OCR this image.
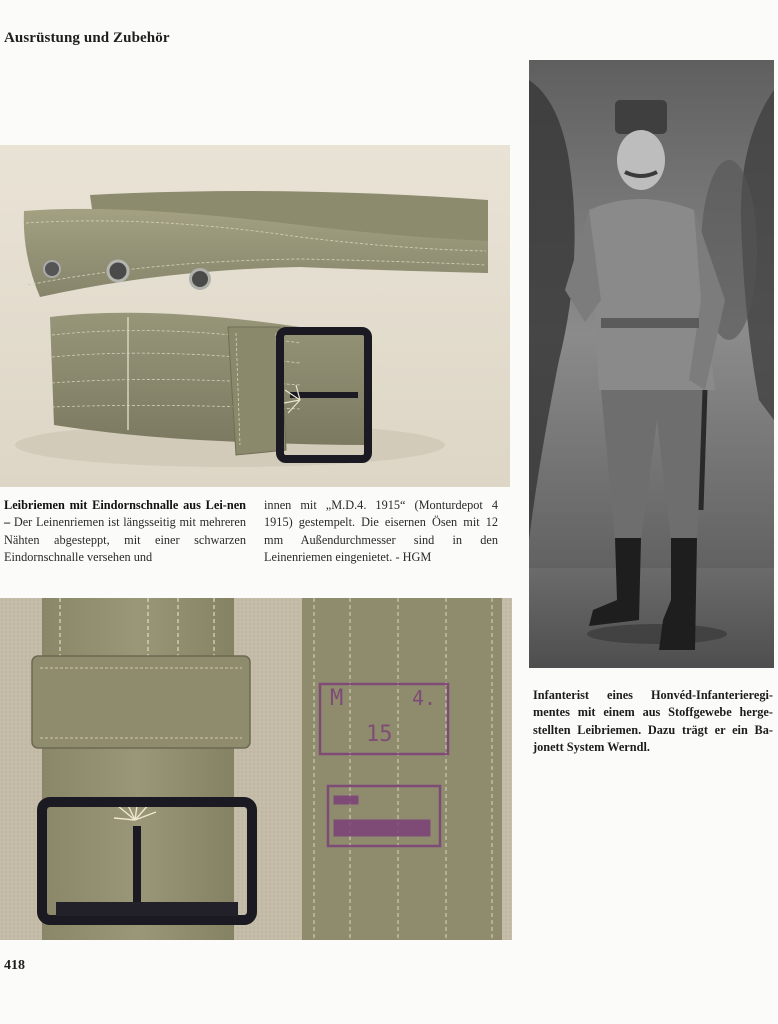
Ausrüstung und Zubehör
Leibriemen mit Eindornschnalle aus Lei-nen – Der Leinenriemen ist längsseitig mit mehreren Nähten abgesteppt, mit einer schwarzen Eindornschnalle versehen und
innen mit „M.D.4. 1915“ (Monturdepot 4 1915) gestempelt. Die eisernen Ösen mit 12 mm Außendurchmesser sind in den Leinenriemen eingenietet. - HGM
M	4.
15
Infanterist eines Honvéd-Infanterieregi-mentes mit einem aus Stoffgewebe herge-stellten Leibriemen. Dazu trägt er ein Ba-jonett System Werndl.
418
